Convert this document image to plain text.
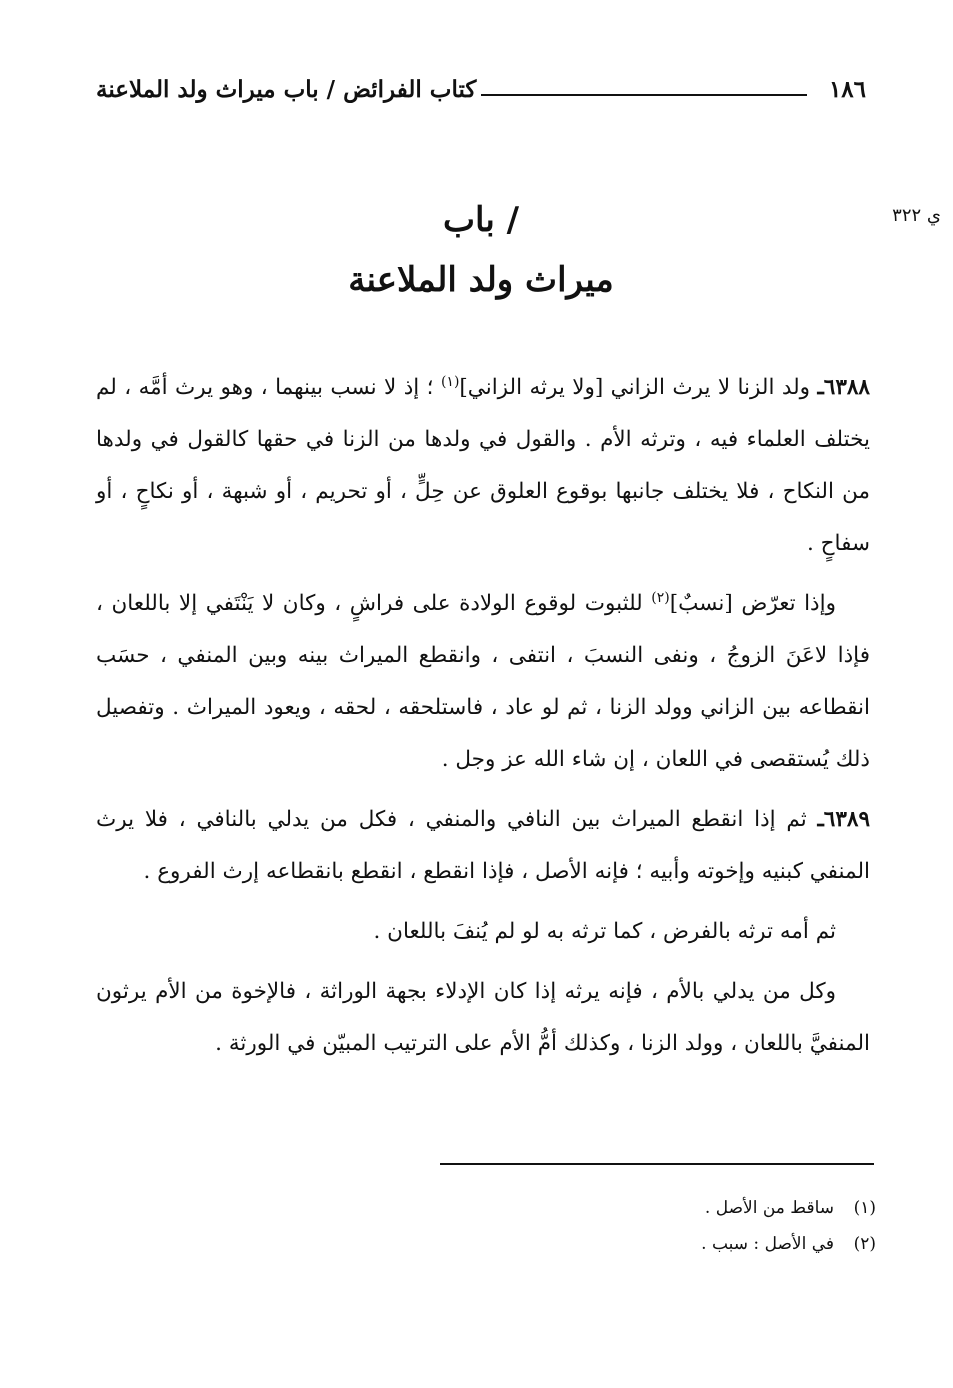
كتاب الفرائض / باب ميراث ولد الملاعنة	١٨٦
ي ٣٢٢
/ باب
ميراث ولد الملاعنة

٦٣٨٨ـ ولد الزنا لا يرث الزاني [ولا يرثه الزاني]$^{(١)}$ ؛ إذ لا نسب بينهما ، وهو يرث أمَّه ، لم يختلف العلماء فيه ، وترثه الأم . والقول في ولدها من الزنا في حقها كالقول في ولدها من النكاح ، فلا يختلف جانبها بوقوع العلوق عن حِلٍّ ، أو تحريم ، أو شبهة ، أو نكاحٍ ، أو سفاحٍ .

وإذا تعرّض [نسبٌ]$^{(٢)}$ للثبوت لوقوع الولادة على فراشٍ ، وكان لا يَنْتَفي إلا باللعان ، فإذا لاعَنَ الزوجُ ، ونفى النسبَ ، انتفى ، وانقطع الميراث بينه وبين المنفي ، حسَب انقطاعه بين الزاني وولد الزنا ، ثم لو عاد ، فاستلحقه ، لحقه ، ويعود الميراث . وتفصيل ذلك يُستقصى في اللعان ، إن شاء الله عز وجل .

٦٣٨٩ـ ثم إذا انقطع الميراث بين النافي والمنفي ، فكل من يدلي بالنافي ، فلا يرث المنفي كبنيه وإخوته وأبيه ؛ فإنه الأصل ، فإذا انقطع ، انقطع بانقطاعه إرث الفروع .

ثم أمه ترثه بالفرض ، كما ترثه به لو لم يُنفَ باللعان .

وكل من يدلي بالأم ، فإنه يرثه إذا كان الإدلاء بجهة الوراثة ، فالإخوة من الأم يرثون المنفيَّ باللعان ، وولد الزنا ، وكذلك أمُّ الأم على الترتيب المبيّن في الورثة .

(١)
ساقط من الأصل .
(٢)
في الأصل : سبب .
